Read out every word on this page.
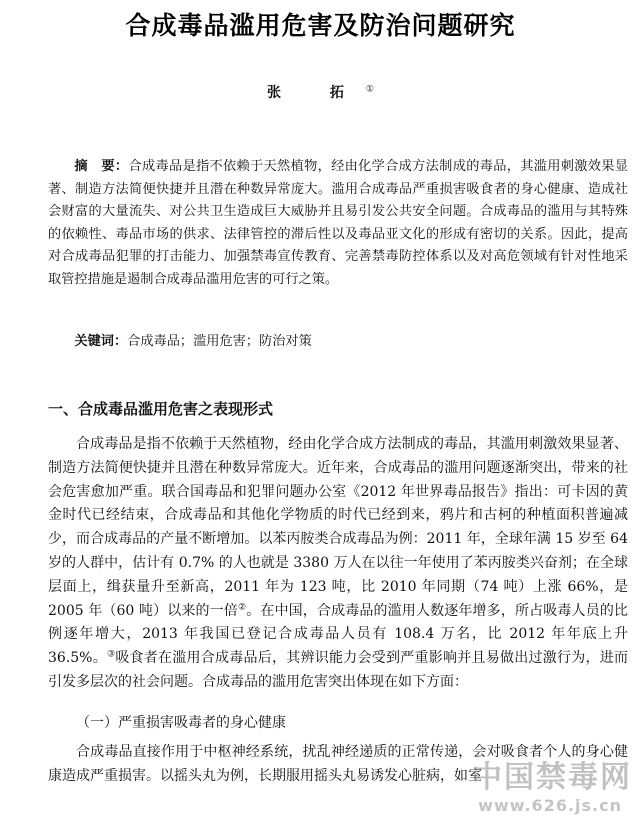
合成毒品滥用危害及防治问题研究
张 拓①
摘　要：合成毒品是指不依赖于天然植物，经由化学合成方法制成的毒品，其滥用刺激效果显著、制造方法简便快捷并且潜在种数异常庞大。滥用合成毒品严重损害吸食者的身心健康、造成社会财富的大量流失、对公共卫生造成巨大威胁并且易引发公共安全问题。合成毒品的滥用与其特殊的依赖性、毒品市场的供求、法律管控的滞后性以及毒品亚文化的形成有密切的关系。因此，提高对合成毒品犯罪的打击能力、加强禁毒宣传教育、完善禁毒防控体系以及对高危领域有针对性地采取管控措施是遏制合成毒品滥用危害的可行之策。
关键词：合成毒品；滥用危害；防治对策
一、合成毒品滥用危害之表现形式
合成毒品是指不依赖于天然植物，经由化学合成方法制成的毒品，其滥用刺激效果显著、制造方法简便快捷并且潜在种数异常庞大。近年来，合成毒品的滥用问题逐渐突出，带来的社会危害愈加严重。联合国毒品和犯罪问题办公室《2012 年世界毒品报告》指出：可卡因的黄金时代已经结束，合成毒品和其他化学物质的时代已经到来，鸦片和古柯的种植面积普遍减少，而合成毒品的产量不断增加。以苯丙胺类合成毒品为例：2011 年，全球年满 15 岁至 64 岁的人群中，估计有 0.7% 的人也就是 3380 万人在以往一年使用了苯丙胺类兴奋剂；在全球层面上，缉获量升至新高，2011 年为 123 吨，比 2010 年同期（74 吨）上涨 66%，是 2005 年（60 吨）以来的一倍②。在中国，合成毒品的滥用人数逐年增多，所占吸毒人员的比例逐年增大，2013 年我国已登记合成毒品人员有 108.4 万名，比 2012 年年底上升 36.5%。③吸食者在滥用合成毒品后，其辨识能力会受到严重影响并且易做出过激行为，进而引发多层次的社会问题。合成毒品的滥用危害突出体现在如下方面：
（一）严重损害吸毒者的身心健康
合成毒品直接作用于中枢神经系统，扰乱神经递质的正常传递，会对吸食者个人的身心健康造成严重损害。以摇头丸为例，长期服用摇头丸易诱发心脏病，如室
中国禁毒网
www.626.js.cn
